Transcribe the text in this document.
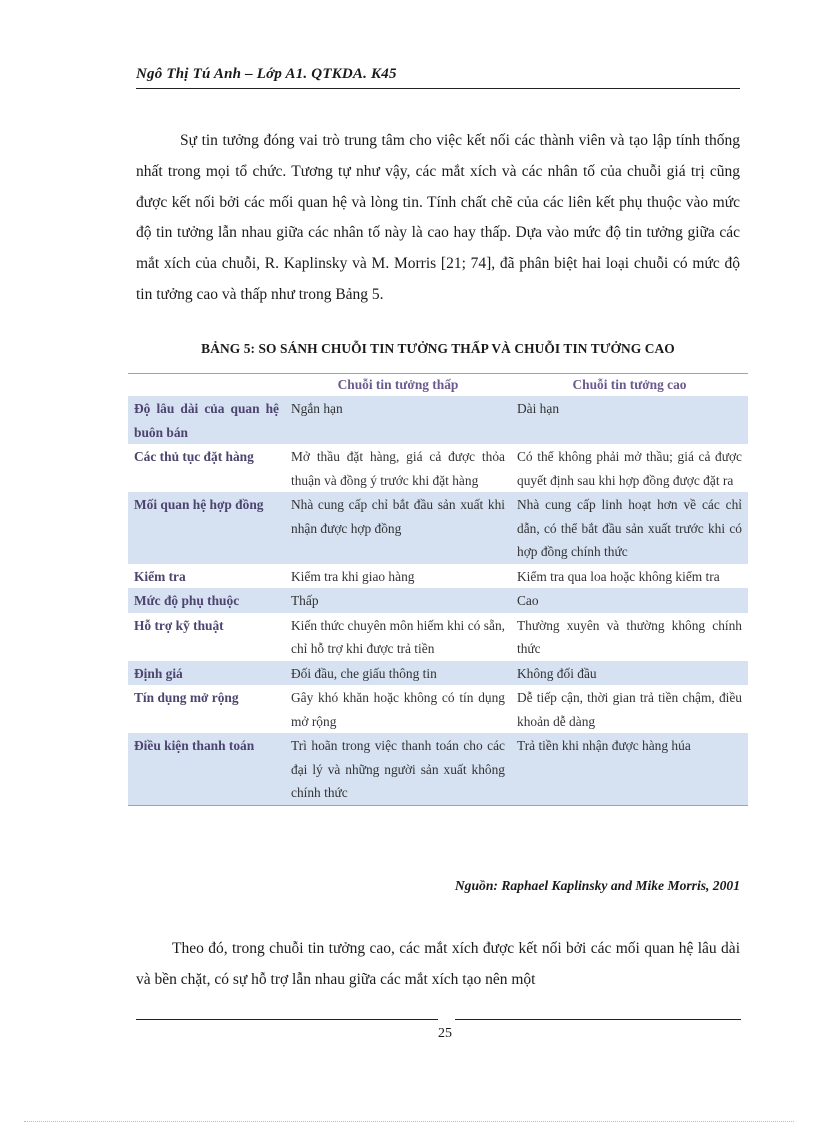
Ngô Thị Tú Anh – Lớp A1. QTKDA. K45

Sự tin tưởng đóng vai trò trung tâm cho việc kết nối các thành viên và tạo lập tính thống nhất trong mọi tổ chức. Tương tự như vậy, các mắt xích và các nhân tố của chuỗi giá trị cũng được kết nối bởi các mối quan hệ và lòng tin. Tính chất chẽ của các liên kết phụ thuộc vào mức độ tin tưởng lẫn nhau giữa các nhân tố này là cao hay thấp. Dựa vào mức độ tin tưởng giữa các mắt xích của chuỗi, R. Kaplinsky và M. Morris [21; 74], đã phân biệt hai loại chuỗi có mức độ tin tưởng cao và thấp như trong Bảng 5.

BẢNG 5: SO SÁNH CHUỖI TIN TƯỞNG THẤP VÀ CHUỖI TIN TƯỞNG CAO
	Chuỗi tin tưởng thấp	Chuỗi tin tưởng cao
Độ lâu dài của quan hệ buôn bán	Ngắn hạn	Dài hạn
Các thủ tục đặt hàng	Mở thầu đặt hàng, giá cả được thỏa thuận và đồng ý trước khi đặt hàng	Có thể không phải mở thầu; giá cả được quyết định sau khi hợp đồng được đặt ra
Mối quan hệ hợp đồng	Nhà cung cấp chỉ bắt đầu sản xuất khi nhận được hợp đồng	Nhà cung cấp linh hoạt hơn về các chỉ dẫn, có thể bắt đầu sản xuất trước khi có hợp đồng chính thức
Kiểm tra	Kiểm tra khi giao hàng	Kiểm tra qua loa hoặc không kiểm tra
Mức độ phụ thuộc	Thấp	Cao
Hỗ trợ kỹ thuật	Kiến thức chuyên môn hiếm khi có sẵn, chỉ hỗ trợ khi được trả tiền	Thường xuyên và thường không chính thức
Định giá	Đối đầu, che giấu thông tin	Không đối đầu
Tín dụng mở rộng	Gây khó khăn hoặc không có tín dụng mở rộng	Dễ tiếp cận, thời gian trả tiền chậm, điều khoản dễ dàng
Điều kiện thanh toán	Trì hoãn trong việc thanh toán cho các đại lý và những người sản xuất không chính thức	Trả tiền khi nhận được hàng húa
Nguồn: Raphael Kaplinsky and Mike Morris, 2001

Theo đó, trong chuỗi tin tưởng cao, các mắt xích được kết nối bởi các mối quan hệ lâu dài và bền chặt, có sự hỗ trợ lẫn nhau giữa các mắt xích tạo nên một

25
